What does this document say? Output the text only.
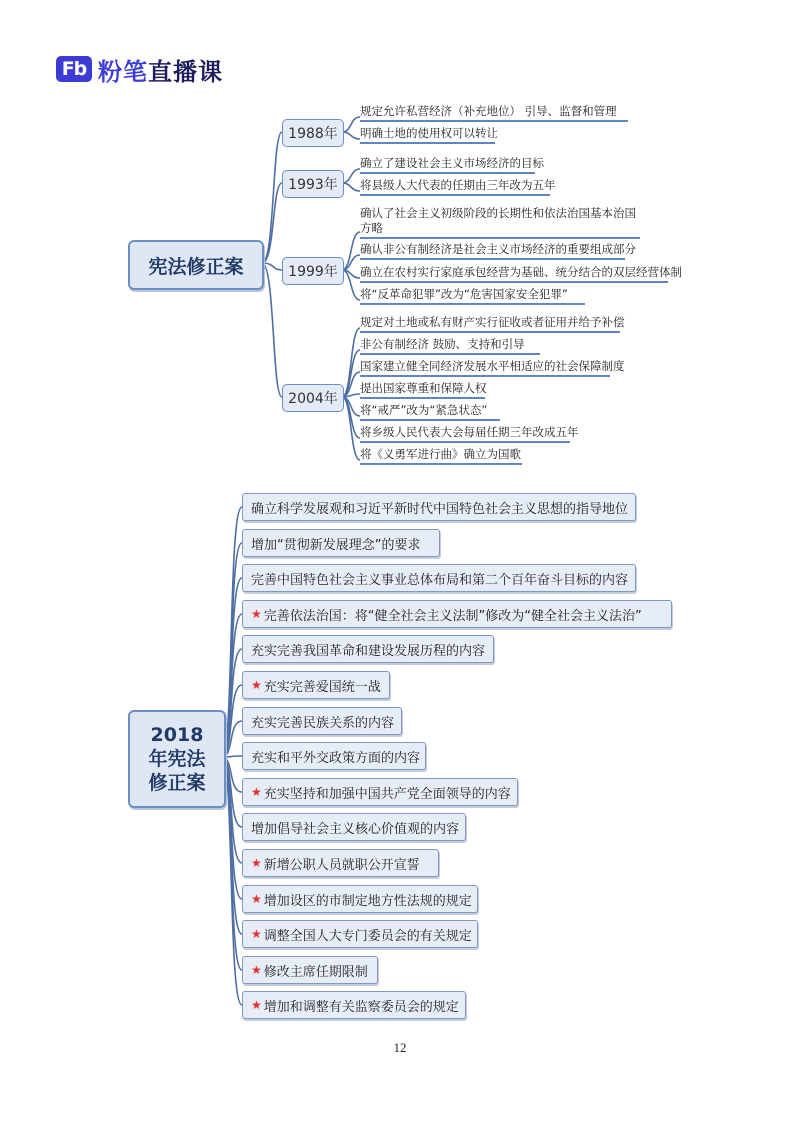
Fb 粉笔直播课
宪法修正案
1988年
1993年
1999年
2004年
规定允许私营经济（补充地位） 引导、监督和管理
明确土地的使用权可以转让
确立了建设社会主义市场经济的目标
将县级人大代表的任期由三年改为五年
确认了社会主义初级阶段的长期性和依法治国基本治国方略
确认非公有制经济是社会主义市场经济的重要组成部分
确立在农村实行家庭承包经营为基础、统分结合的双层经营体制
将“反革命犯罪”改为“危害国家安全犯罪”
规定对土地或私有财产实行征收或者征用并给予补偿
非公有制经济 鼓励、支持和引导
国家建立健全同经济发展水平相适应的社会保障制度
提出国家尊重和保障人权
将“戒严”改为“紧急状态”
将乡级人民代表大会每届任期三年改成五年
将《义勇军进行曲》确立为国歌
2018
年宪法
修正案
确立科学发展观和习近平新时代中国特色社会主义思想的指导地位
增加“贯彻新发展理念”的要求
完善中国特色社会主义事业总体布局和第二个百年奋斗目标的内容
★ 完善依法治国：将“健全社会主义法制”修改为“健全社会主义法治”
充实完善我国革命和建设发展历程的内容
★ 充实完善爱国统一战
充实完善民族关系的内容
充实和平外交政策方面的内容
★ 充实坚持和加强中国共产党全面领导的内容
增加倡导社会主义核心价值观的内容
★ 新增公职人员就职公开宣誓
★ 增加设区的市制定地方性法规的规定
★ 调整全国人大专门委员会的有关规定
★ 修改主席任期限制
★ 增加和调整有关监察委员会的规定
12
